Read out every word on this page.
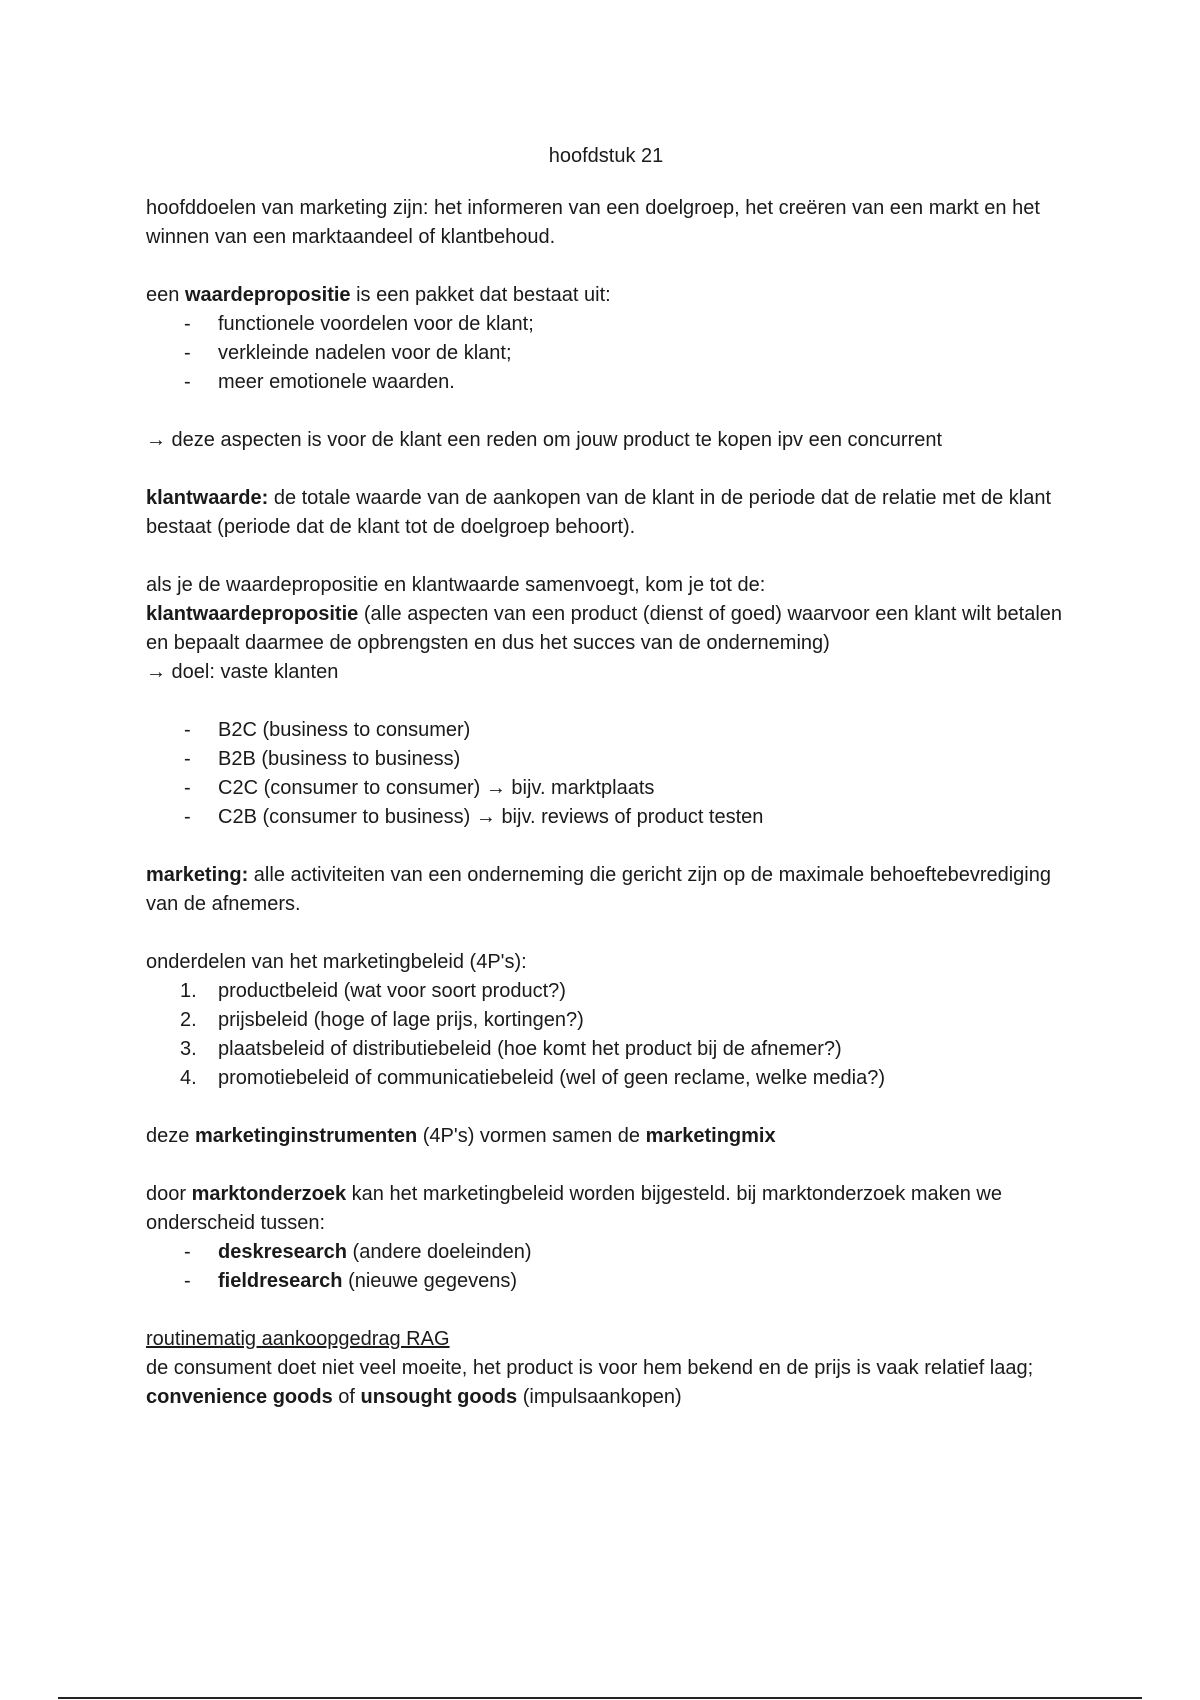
hoofdstuk 21

hoofddoelen van marketing zijn: het informeren van een doelgroep, het creëren van een markt en het winnen van een marktaandeel of klantbehoud.

een waardepropositie is een pakket dat bestaat uit:

- functionele voordelen voor de klant;
- verkleinde nadelen voor de klant;
- meer emotionele waarden.

→ deze aspecten is voor de klant een reden om jouw product te kopen ipv een concurrent

klantwaarde: de totale waarde van de aankopen van de klant in de periode dat de relatie met de klant bestaat (periode dat de klant tot de doelgroep behoort).

als je de waardepropositie en klantwaarde samenvoegt, kom je tot de:

klantwaardepropositie (alle aspecten van een product (dienst of goed) waarvoor een klant wilt betalen en bepaalt daarmee de opbrengsten en dus het succes van de onderneming)

→ doel: vaste klanten

- B2C (business to consumer)
- B2B (business to business)
- C2C (consumer to consumer) → bijv. marktplaats
- C2B (consumer to business) → bijv. reviews of product testen

marketing: alle activiteiten van een onderneming die gericht zijn op de maximale behoeftebevrediging van de afnemers.

onderdelen van het marketingbeleid (4P's):

1. productbeleid (wat voor soort product?)
2. prijsbeleid (hoge of lage prijs, kortingen?)
3. plaatsbeleid of distributiebeleid (hoe komt het product bij de afnemer?)
4. promotiebeleid of communicatiebeleid (wel of geen reclame, welke media?)

deze marketinginstrumenten (4P's) vormen samen de marketingmix

door marktonderzoek kan het marketingbeleid worden bijgesteld. bij marktonderzoek maken we onderscheid tussen:

- deskresearch (andere doeleinden)
- fieldresearch (nieuwe gegevens)

routinematig aankoopgedrag RAG

de consument doet niet veel moeite, het product is voor hem bekend en de prijs is vaak relatief laag; convenience goods of unsought goods (impulsaankopen)
